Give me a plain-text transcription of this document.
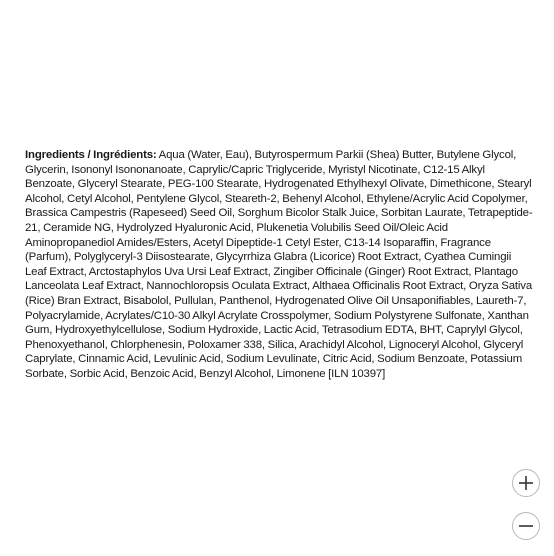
Ingredients / Ingrédients: Aqua (Water, Eau), Butyrospermum Parkii (Shea) Butter, Butylene Glycol, Glycerin, Isononyl Isononanoate, Caprylic/Capric Triglyceride, Myristyl Nicotinate, C12-15 Alkyl Benzoate, Glyceryl Stearate, PEG-100 Stearate, Hydrogenated Ethylhexyl Olivate, Dimethicone, Stearyl Alcohol, Cetyl Alcohol, Pentylene Glycol, Steareth-2, Behenyl Alcohol, Ethylene/Acrylic Acid Copolymer, Brassica Campestris (Rapeseed) Seed Oil, Sorghum Bicolor Stalk Juice, Sorbitan Laurate, Tetrapeptide-21, Ceramide NG, Hydrolyzed Hyaluronic Acid, Plukenetia Volubilis Seed Oil/Oleic Acid Aminopropanediol Amides/Esters, Acetyl Dipeptide-1 Cetyl Ester, C13-14 Isoparaffin, Fragrance (Parfum), Polyglyceryl-3 Diisostearate, Glycyrrhiza Glabra (Licorice) Root Extract, Cyathea Cumingii Leaf Extract, Arctostaphylos Uva Ursi Leaf Extract, Zingiber Officinale (Ginger) Root Extract, Plantago Lanceolata Leaf Extract, Nannochloropsis Oculata Extract, Althaea Officinalis Root Extract, Oryza Sativa (Rice) Bran Extract, Bisabolol, Pullulan, Panthenol, Hydrogenated Olive Oil Unsaponifiables, Laureth-7, Polyacrylamide, Acrylates/C10-30 Alkyl Acrylate Crosspolymer, Sodium Polystyrene Sulfonate, Xanthan Gum, Hydroxyethylcellulose, Sodium Hydroxide, Lactic Acid, Tetrasodium EDTA, BHT, Caprylyl Glycol, Phenoxyethanol, Chlorphenesin, Poloxamer 338, Silica, Arachidyl Alcohol, Lignoceryl Alcohol, Glyceryl Caprylate, Cinnamic Acid, Levulinic Acid, Sodium Levulinate, Citric Acid, Sodium Benzoate, Potassium Sorbate, Sorbic Acid, Benzoic Acid, Benzyl Alcohol, Limonene [ILN 10397]
